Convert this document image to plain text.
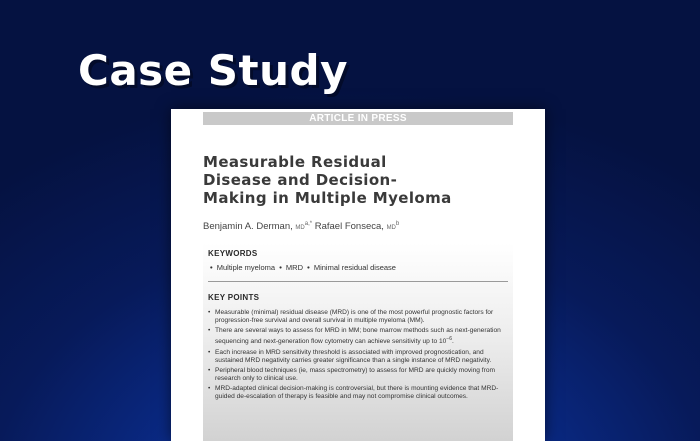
Case Study
ARTICLE IN PRESS
Measurable Residual
Disease and Decision-
Making in Multiple Myeloma
Benjamin A. Derman, $MD^{a,*}$ Rafael Fonseca, $MD^b$
KEYWORDS
• Multiple myeloma • MRD • Minimal residual disease
KEY POINTS
• Measurable (minimal) residual disease (MRD) is one of the most powerful prognostic factors for progression-free survival and overall survival in multiple myeloma (MM).
• There are several ways to assess for MRD in MM; bone marrow methods such as next-generation sequencing and next-generation flow cytometry can achieve sensitivity up to $10^{-6}$.
• Each increase in MRD sensitivity threshold is associated with improved prognostication, and sustained MRD negativity carries greater significance than a single instance of MRD negativity.
• Peripheral blood techniques (ie, mass spectrometry) to assess for MRD are quickly moving from research only to clinical use.
• MRD-adapted clinical decision-making is controversial, but there is mounting evidence that MRD-guided de-escalation of therapy is feasible and may not compromise clinical outcomes.
